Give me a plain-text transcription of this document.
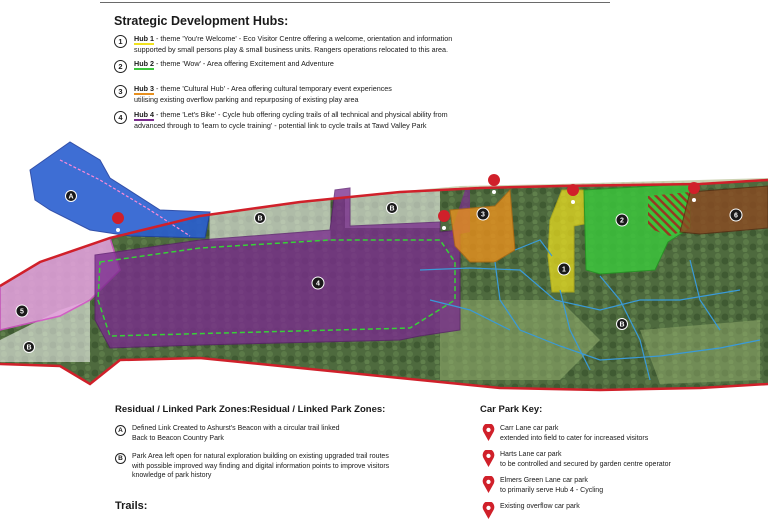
Strategic Development Hubs:
1	Hub 1 - theme 'You're Welcome' - Eco Visitor Centre offering a welcome, orientation and information
supported by small persons play & small business units. Rangers operations relocated to this area.
2	Hub 2 - theme 'Wow' - Area offering Excitement and Adventure
3	Hub 3 - theme 'Cultural Hub' - Area offering cultural temporary event experiences
utilising existing overflow parking and repurposing of existing play area
4	Hub 4 - theme 'Let's Bike' - Cycle hub offering cycling trails of all technical and physical ability from
advanced through to 'learn to cycle training' - potential link to cycle trails at Tawd Valley Park

A
B
B
B
B
1
2
3
4
5
6
Residual / Linked Park Zones:Residual / Linked Park Zones:
A	Defined Link Created to Ashurst's Beacon with a circular trail linked
Back to Beacon Country Park
B	Park Area left open for natural exploration building on existing upgraded trail routes
with possible improved way finding and digital information points to improve visitors
knowledge of park history
Trails:
Car Park Key:
Carr Lane car park
extended into field to cater for increased visitors
Harts Lane car park
to be controlled and secured by garden centre operator
Elmers Green Lane car park
to primarily serve Hub 4 - Cycling
Existing overflow car park
